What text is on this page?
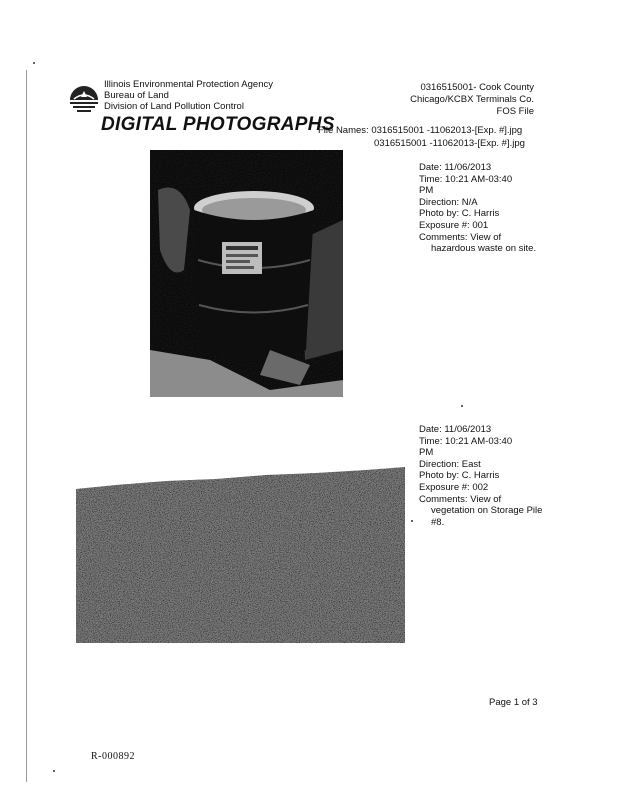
Illinois Environmental Protection Agency
Bureau of Land
Division of Land Pollution Control
DIGITAL PHOTOGRAPHS
0316515001- Cook County
Chicago/KCBX Terminals Co.
FOS File
File Names: 0316515001 -11062013-[Exp. #].jpg
0316515001 -11062013-[Exp. #].jpg
Date: 11/06/2013
Time: 10:21 AM-03:40
PM
Direction: N/A
Photo by: C. Harris
Exposure #: 001
Comments: View of
hazardous waste on site.
Date: 11/06/2013
Time: 10:21 AM-03:40
PM
Direction: East
Photo by: C. Harris
Exposure #: 002
Comments: View of
vegetation on Storage Pile #8.
Page 1 of 3
R-000892
